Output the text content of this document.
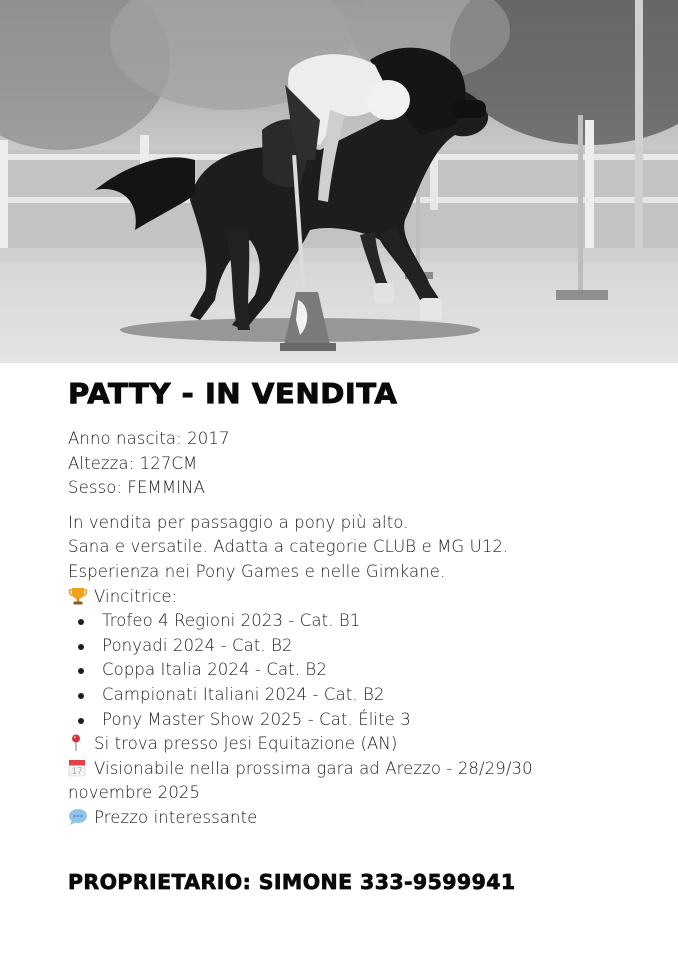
PATTY - IN VENDITA
Anno nascita: 2017
Altezza: 127CM
Sesso: FEMMINA
In vendita per passaggio a pony più alto.
Sana e versatile. Adatta a categorie CLUB e MG U12.
Esperienza nei Pony Games e nelle Gimkane.
Vincitrice:
Trofeo 4 Regioni 2023 - Cat. B1
Ponyadi 2024 - Cat. B2
Coppa Italia 2024 - Cat. B2
Campionati Italiani 2024 - Cat. B2
Pony Master Show 2025 - Cat. Élite 3
Si trova presso Jesi Equitazione (AN)
17 Visionabile nella prossima gara ad Arezzo - 28/29/30
novembre 2025
Prezzo interessante
PROPRIETARIO: SIMONE 333-9599941
